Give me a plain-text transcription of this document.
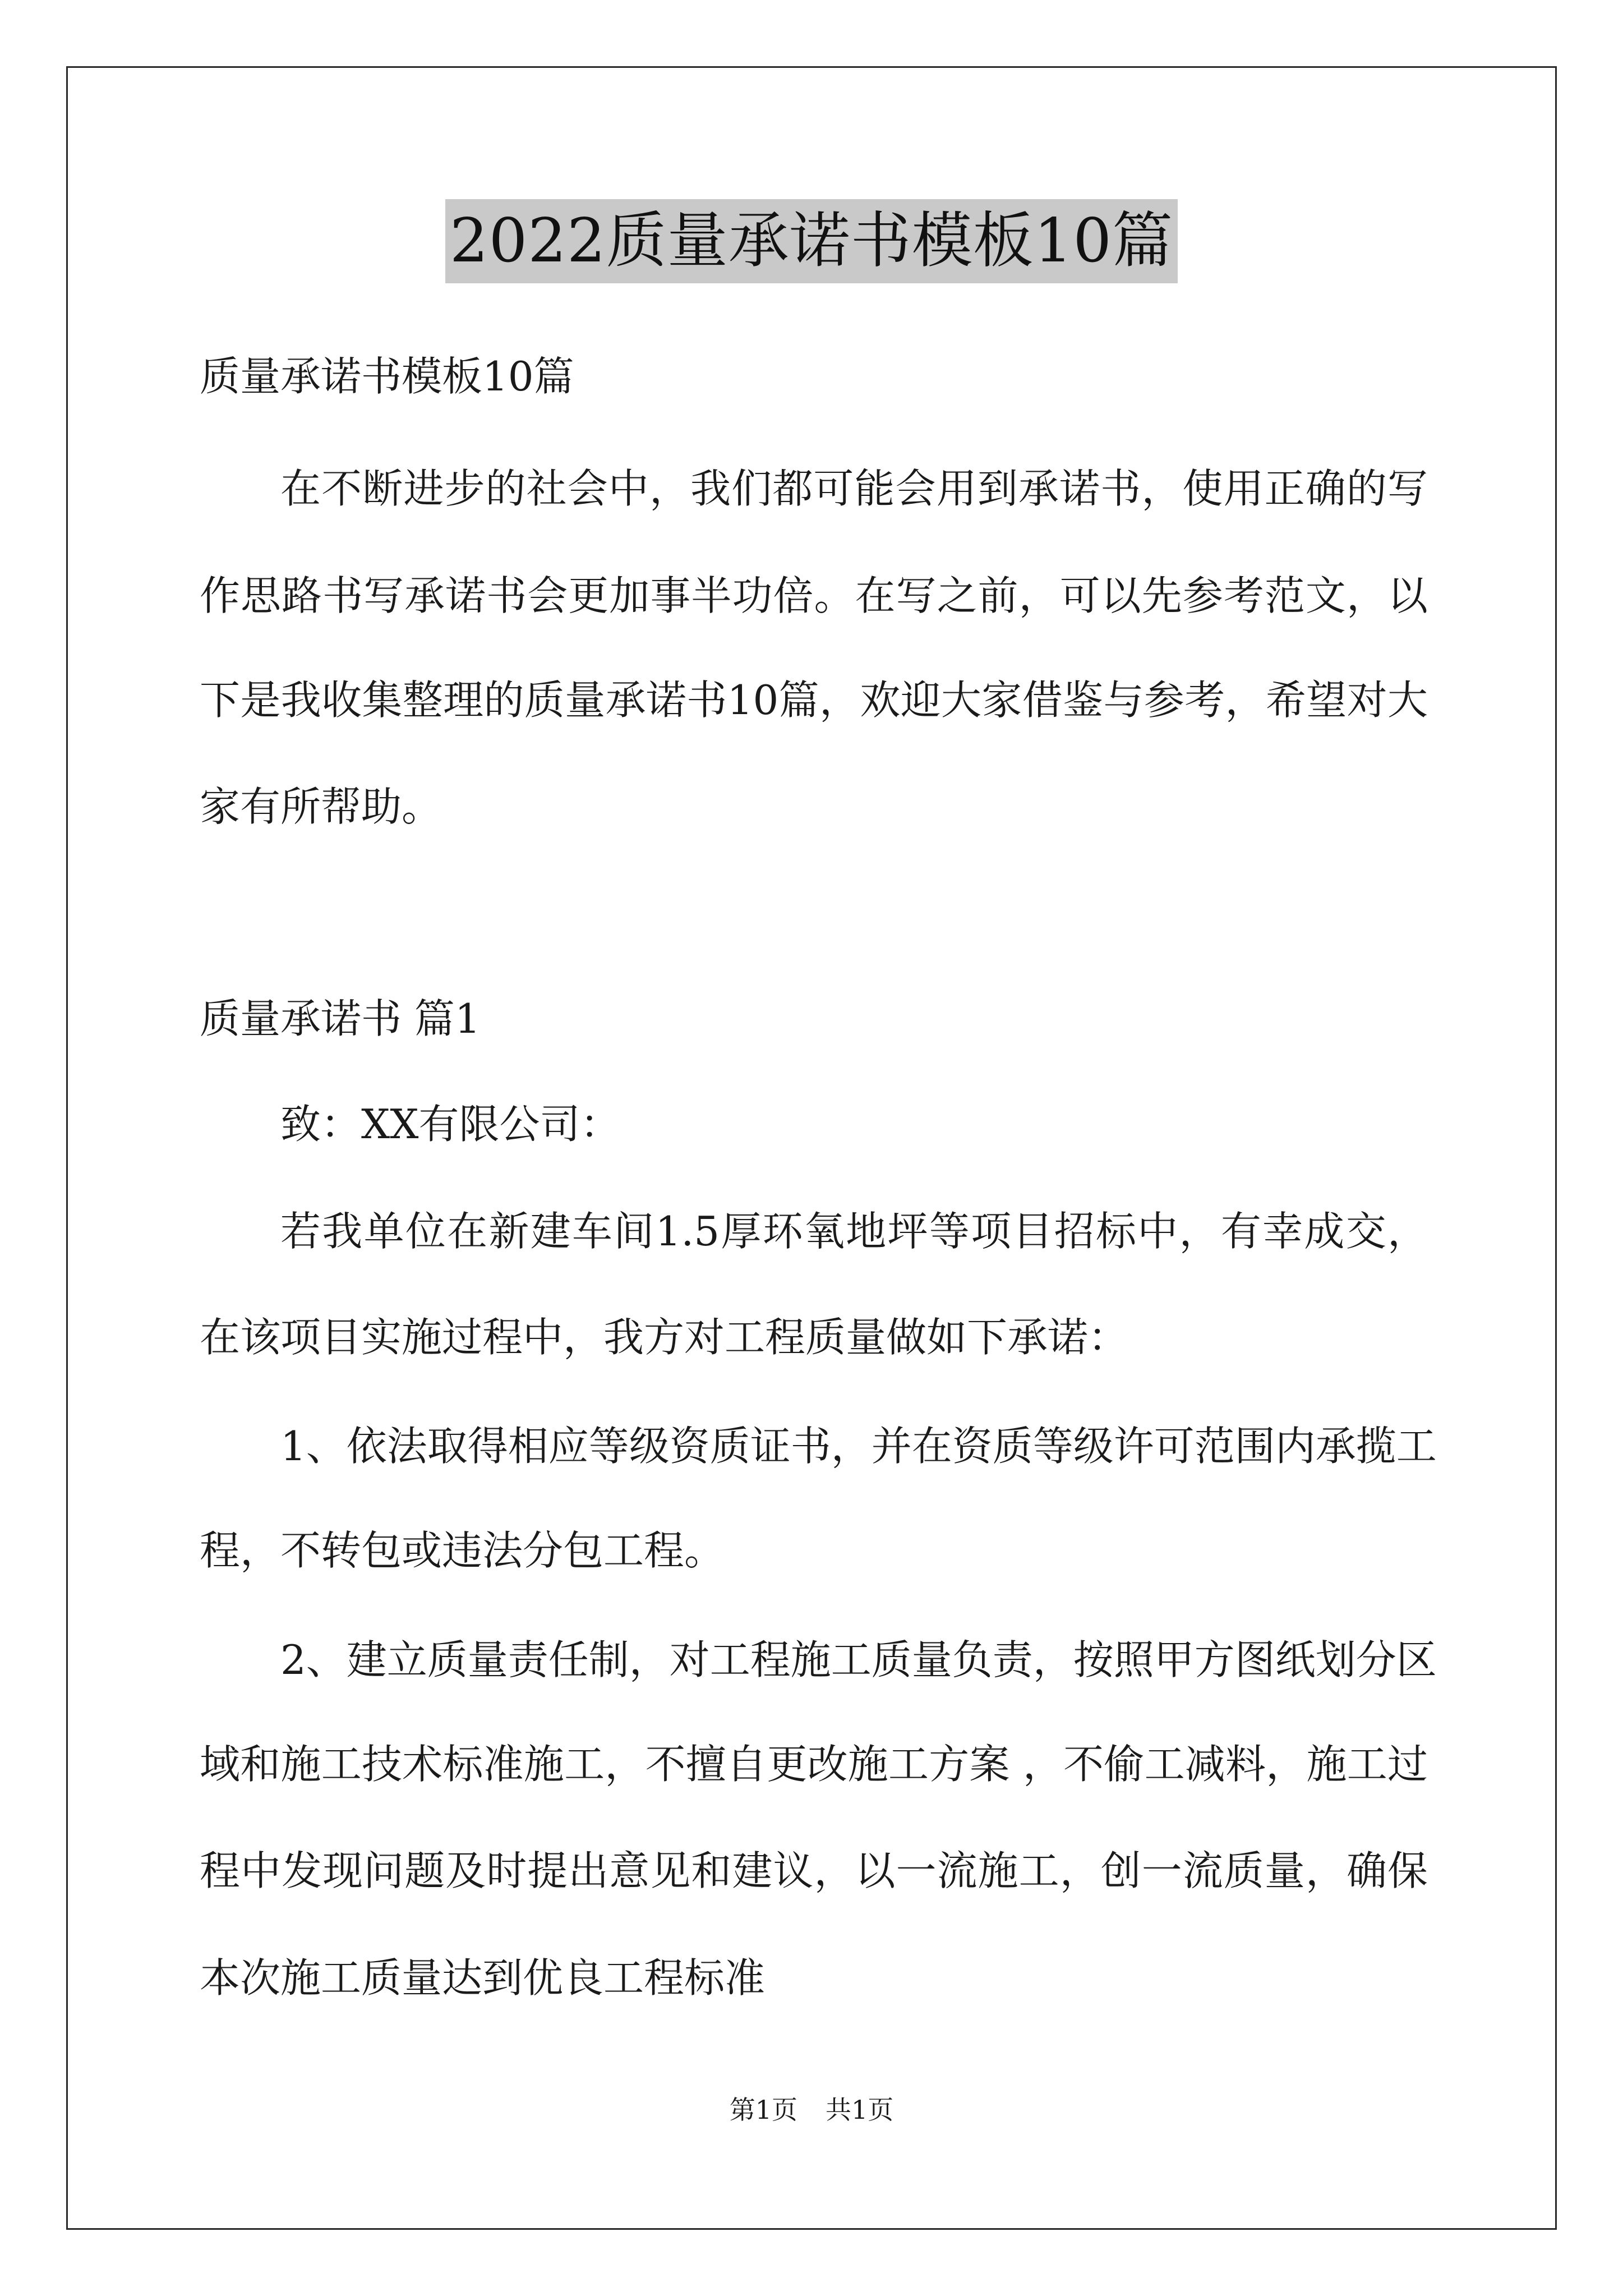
2022质量承诺书模板10篇
质量承诺书模板10篇
在不断进步的社会中，我们都可能会用到承诺书，使用正确的写
作思路书写承诺书会更加事半功倍。在写之前，可以先参考范文，以
下是我收集整理的质量承诺书10篇，欢迎大家借鉴与参考，希望对大
家有所帮助。
质量承诺书 篇1
致：XX有限公司：
若我单位在新建车间1.5厚环氧地坪等项目招标中，有幸成交，
在该项目实施过程中，我方对工程质量做如下承诺：
1、依法取得相应等级资质证书，并在资质等级许可范围内承揽工
程，不转包或违法分包工程。
2、建立质量责任制，对工程施工质量负责，按照甲方图纸划分区
域和施工技术标准施工，不擅自更改施工方案 ，不偷工减料，施工过
程中发现问题及时提出意见和建议，以一流施工，创一流质量，确保
本次施工质量达到优良工程标准
第1页 共1页
